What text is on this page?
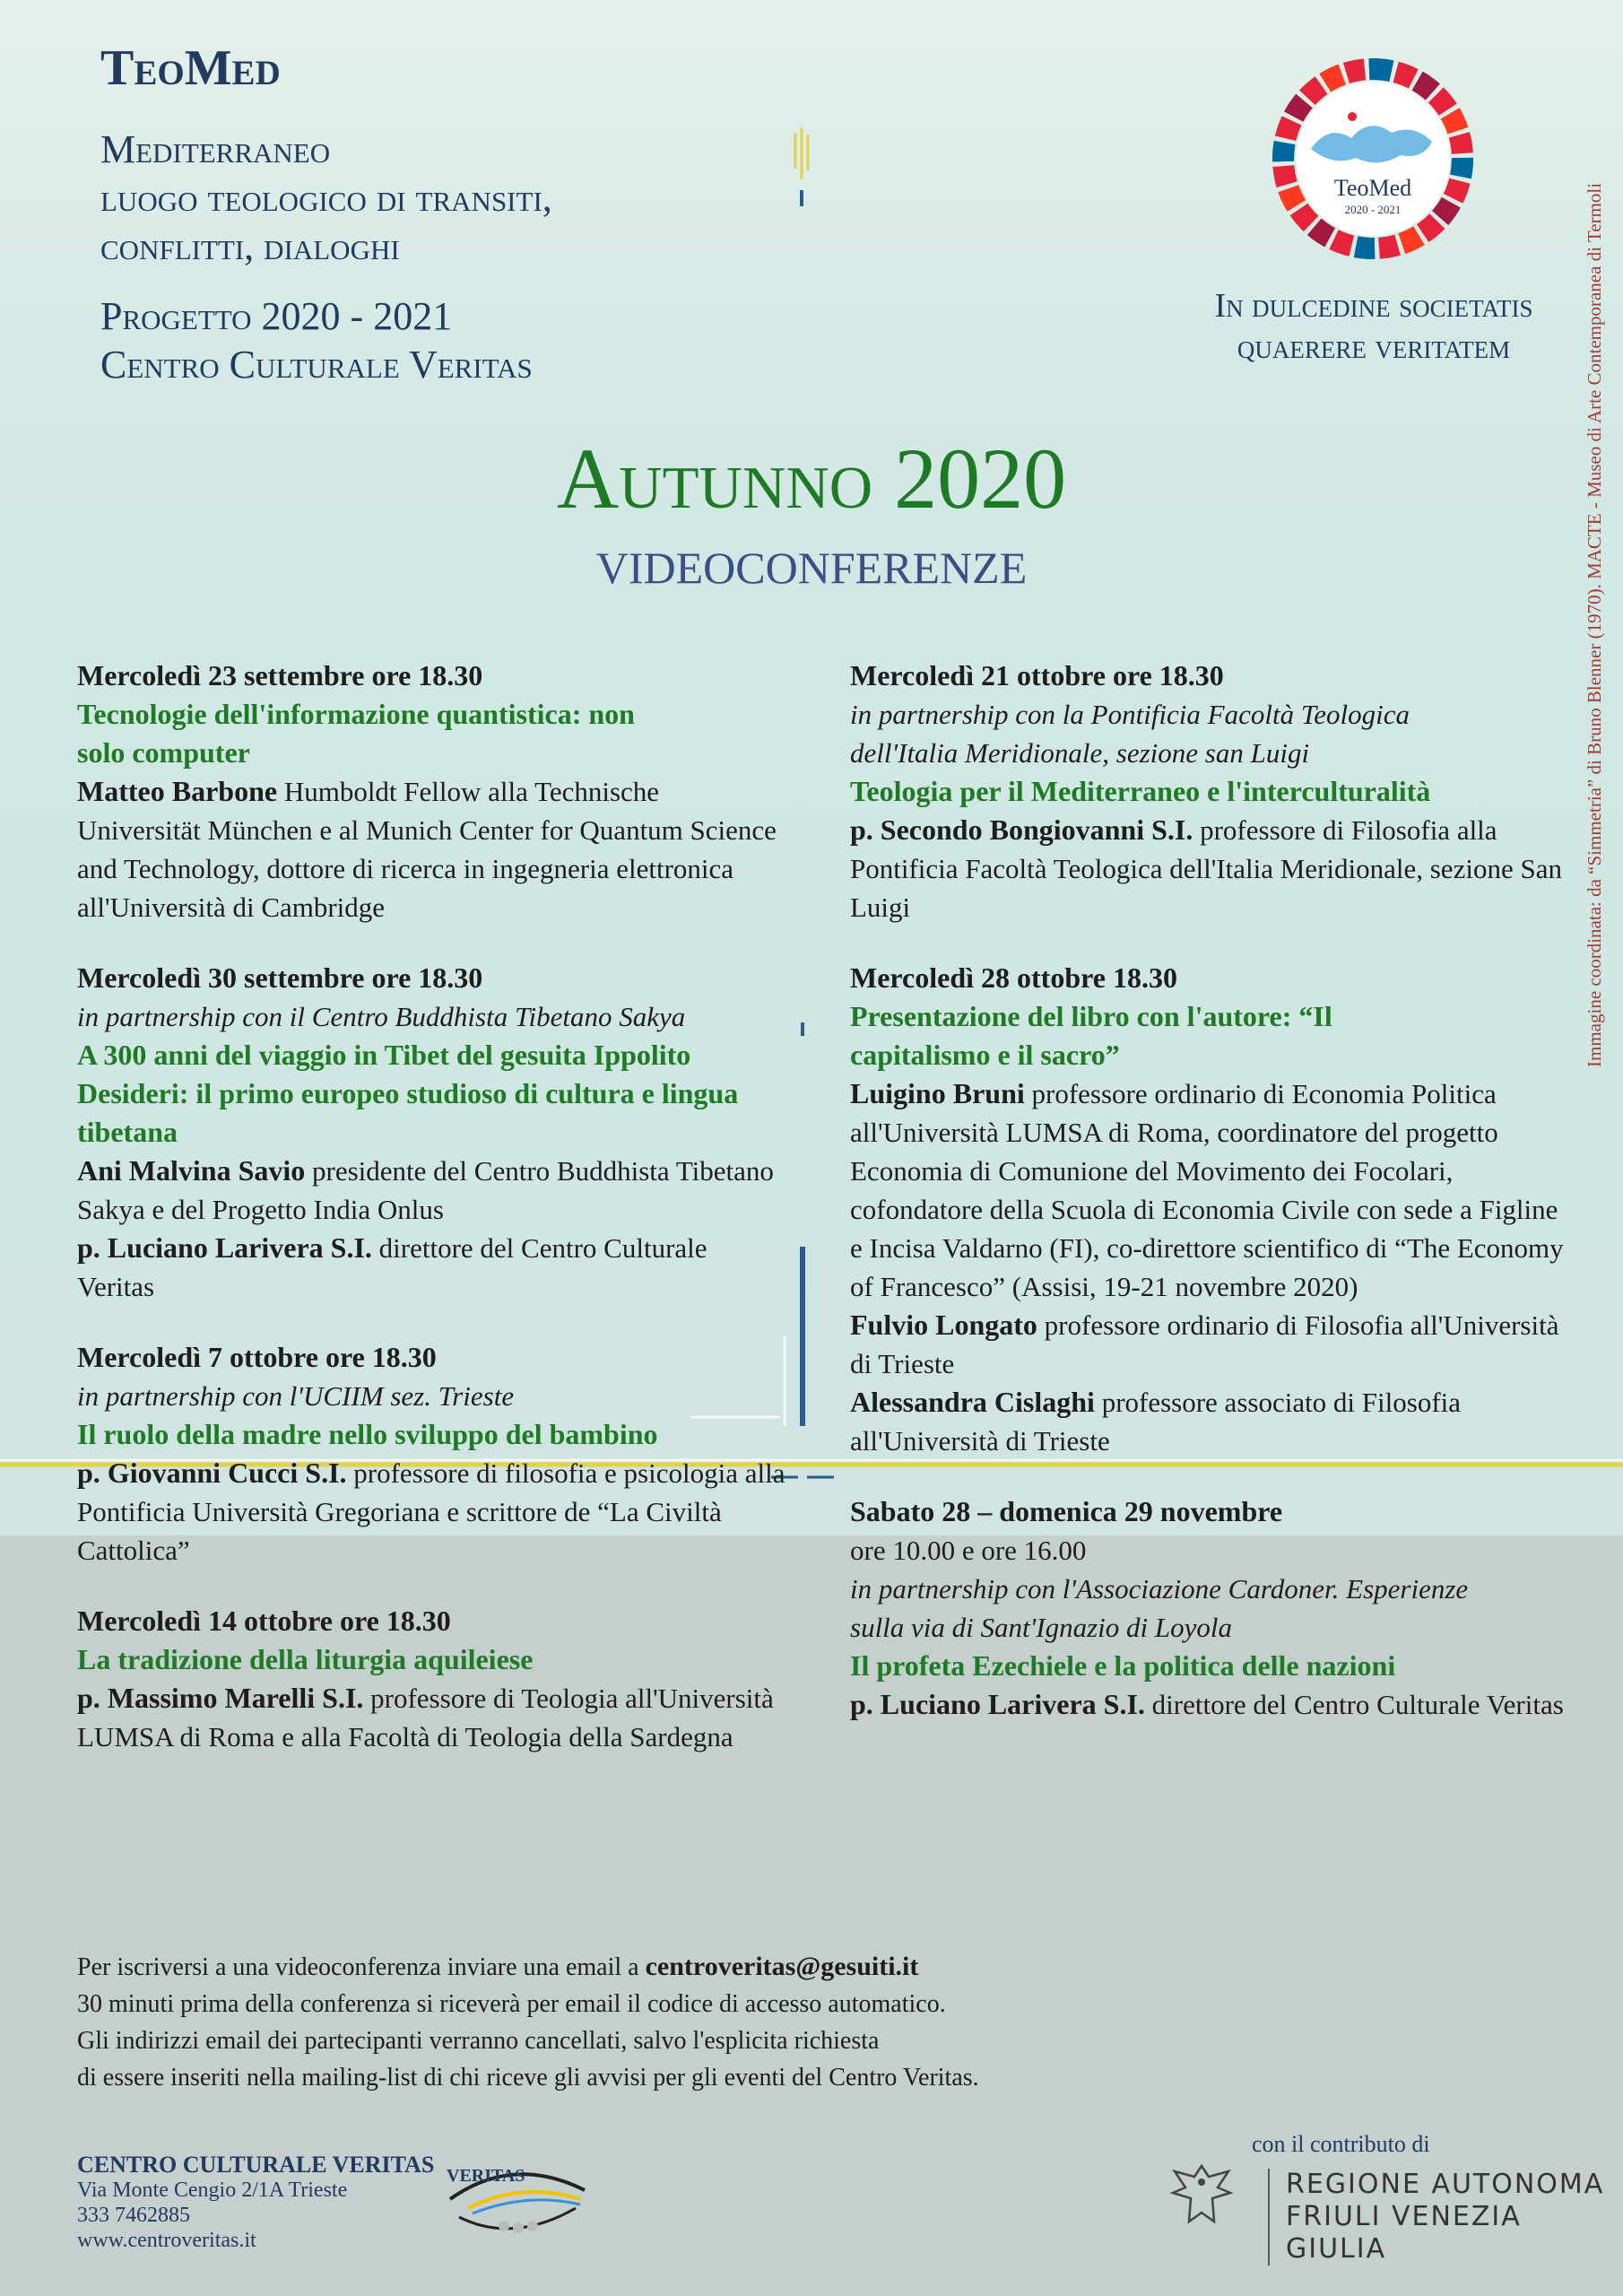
TeoMed
Mediterraneo
luogo teologico di transiti,
conflitti, dialoghi
Progetto 2020 - 2021
Centro Culturale Veritas
TeoMed
2020 - 2021
In dulcedine societatis
quaerere veritatem
Autunno 2020
VIDEOCONFERENZE
Mercoledì 23 settembre ore 18.30
Tecnologie dell'informazione quantistica: non solo computer
Matteo Barbone Humboldt Fellow alla Technische Universität München e al Munich Center for Quantum Science and Technology, dottore di ricerca in ingegneria elettronica all'Università di Cambridge
Mercoledì 30 settembre ore 18.30
in partnership con il Centro Buddhista Tibetano Sakya
A 300 anni del viaggio in Tibet del gesuita Ippolito Desideri: il primo europeo studioso di cultura e lingua tibetana
Ani Malvina Savio presidente del Centro Buddhista Tibetano Sakya e del Progetto India Onlus
p. Luciano Larivera S.I. direttore del Centro Culturale Veritas
Mercoledì 7 ottobre ore 18.30
in partnership con l'UCIIM sez. Trieste
Il ruolo della madre nello sviluppo del bambino
p. Giovanni Cucci S.I. professore di filosofia e psicologia alla Pontificia Università Gregoriana e scrittore de “La Civiltà Cattolica”
Mercoledì 14 ottobre ore 18.30
La tradizione della liturgia aquileiese
p. Massimo Marelli S.I. professore di Teologia all'Università LUMSA di Roma e alla Facoltà di Teologia della Sardegna
Mercoledì 21 ottobre ore 18.30
in partnership con la Pontificia Facoltà Teologica dell'Italia Meridionale, sezione san Luigi
Teologia per il Mediterraneo e l'interculturalità
p. Secondo Bongiovanni S.I. professore di Filosofia alla Pontificia Facoltà Teologica dell'Italia Meridionale, sezione San Luigi
Mercoledì 28 ottobre 18.30
Presentazione del libro con l'autore: “Il capitalismo e il sacro”
Luigino Bruni professore ordinario di Economia Politica all'Università LUMSA di Roma, coordinatore del progetto Economia di Comunione del Movimento dei Focolari, cofondatore della Scuola di Economia Civile con sede a Figline e Incisa Valdarno (FI), co-direttore scientifico di “The Economy of Francesco” (Assisi, 19-21 novembre 2020)
Fulvio Longato professore ordinario di Filosofia all'Università di Trieste
Alessandra Cislaghi professore associato di Filosofia all'Università di Trieste
Sabato 28 – domenica 29 novembre
ore 10.00 e ore 16.00
in partnership con l'Associazione Cardoner. Esperienze sulla via di Sant'Ignazio di Loyola
Il profeta Ezechiele e la politica delle nazioni
p. Luciano Larivera S.I. direttore del Centro Culturale Veritas
Per iscriversi a una videoconferenza inviare una email a centroveritas@gesuiti.it
30 minuti prima della conferenza si riceverà per email il codice di accesso automatico.
Gli indirizzi email dei partecipanti verranno cancellati, salvo l'esplicita richiesta
di essere inseriti nella mailing-list di chi riceve gli avvisi per gli eventi del Centro Veritas.
CENTRO CULTURALE VERITAS
Via Monte Cengio 2/1A Trieste
333 7462885
www.centroveritas.it
VERITAS
Immagine coordinata: da “Simmetria” di Bruno Blenner (1970). MACTE - Museo di Arte Contemporanea di Termoli
con il contributo di
REGIONE AUTONOMA
FRIULI VENEZIA GIULIA
